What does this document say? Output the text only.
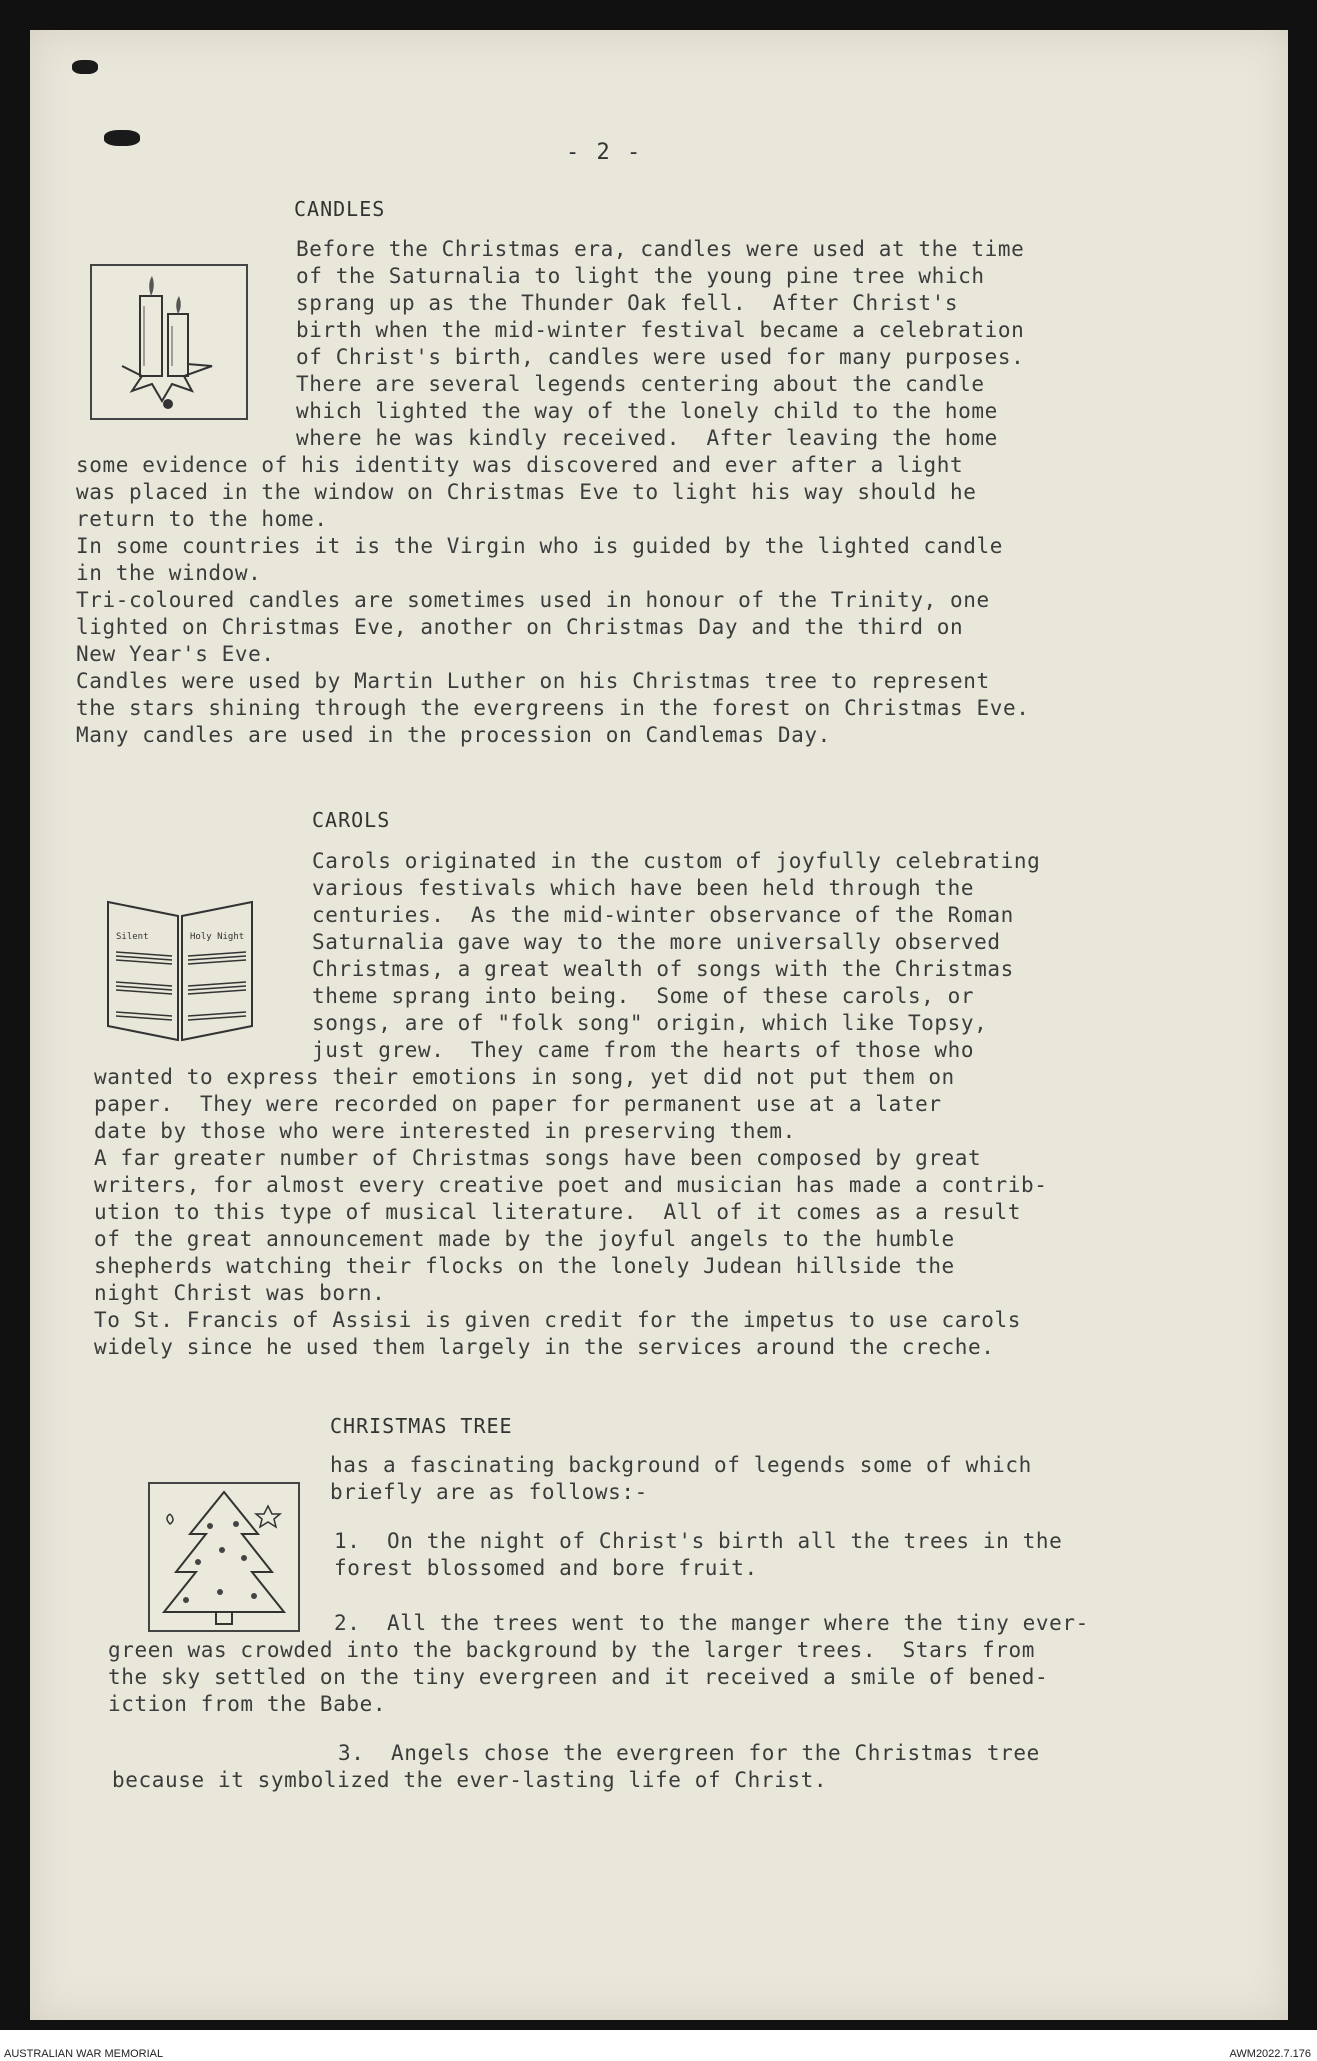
- 2 -
CANDLES
Before the Christmas era, candles were used at the time
of the Saturnalia to light the young pine tree which
sprang up as the Thunder Oak fell.  After Christ's
birth when the mid-winter festival became a celebration
of Christ's birth, candles were used for many purposes.
There are several legends centering about the candle
which lighted the way of the lonely child to the home
where he was kindly received.  After leaving the home
some evidence of his identity was discovered and ever after a light
was placed in the window on Christmas Eve to light his way should he
return to the home.
In some countries it is the Virgin who is guided by the lighted candle
in the window.
Tri-coloured candles are sometimes used in honour of the Trinity, one
lighted on Christmas Eve, another on Christmas Day and the third on
New Year's Eve.
Candles were used by Martin Luther on his Christmas tree to represent
the stars shining through the evergreens in the forest on Christmas Eve.
Many candles are used in the procession on Candlemas Day.
CAROLS
Silent	Holy Night
Carols originated in the custom of joyfully celebrating
various festivals which have been held through the
centuries.  As the mid-winter observance of the Roman
Saturnalia gave way to the more universally observed
Christmas, a great wealth of songs with the Christmas
theme sprang into being.  Some of these carols, or
songs, are of "folk song" origin, which like Topsy,
just grew.  They came from the hearts of those who
wanted to express their emotions in song, yet did not put them on
paper.  They were recorded on paper for permanent use at a later
date by those who were interested in preserving them.
A far greater number of Christmas songs have been composed by great
writers, for almost every creative poet and musician has made a contrib-
ution to this type of musical literature.  All of it comes as a result
of the great announcement made by the joyful angels to the humble
shepherds watching their flocks on the lonely Judean hillside the
night Christ was born.
To St. Francis of Assisi is given credit for the impetus to use carols
widely since he used them largely in the services around the creche.
CHRISTMAS TREE
has a fascinating background of legends some of which
briefly are as follows:-
1.  On the night of Christ's birth all the trees in the
forest blossomed and bore fruit.
2.  All the trees went to the manger where the tiny ever-
green was crowded into the background by the larger trees.  Stars from
the sky settled on the tiny evergreen and it received a smile of bened-
iction from the Babe.
3.  Angels chose the evergreen for the Christmas tree
because it symbolized the ever-lasting life of Christ.
AUSTRALIAN WAR MEMORIAL	AWM2022.7.176
